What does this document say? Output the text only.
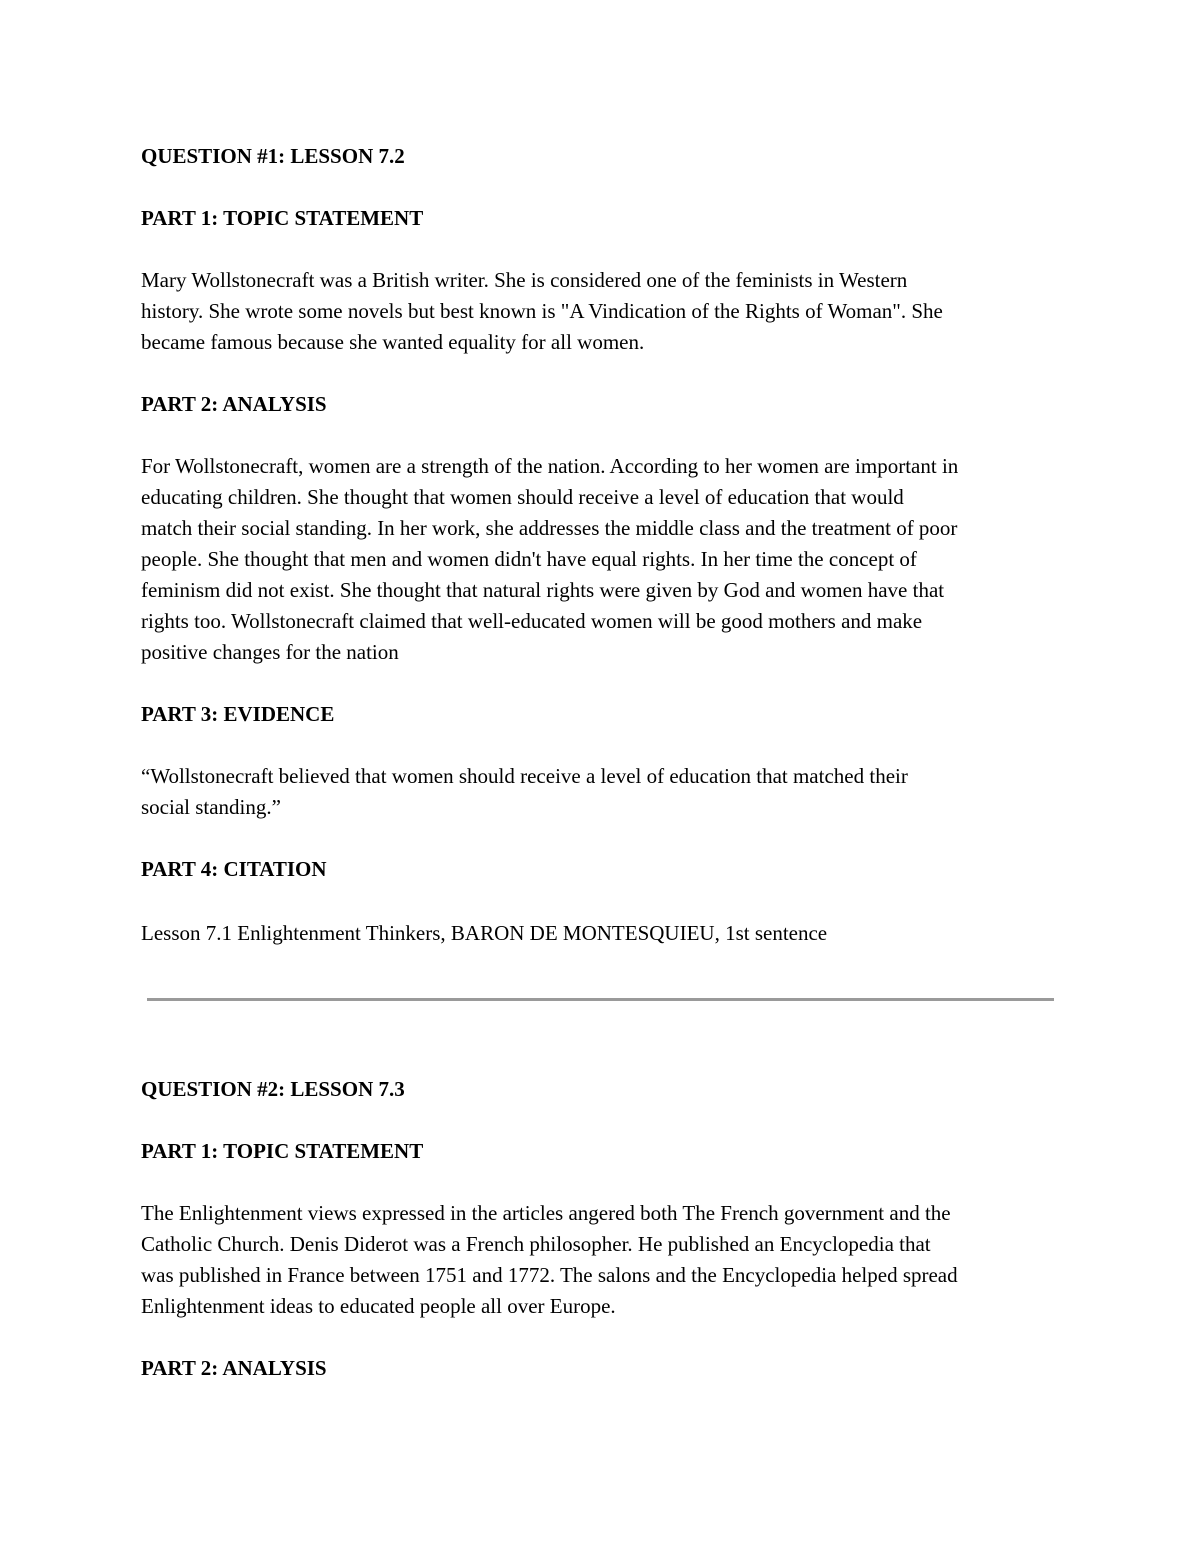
QUESTION #1: LESSON 7.2

PART 1: TOPIC STATEMENT

Mary Wollstonecraft was a British writer. She is considered one of the feminists in Western

history. She wrote some novels but best known is "A Vindication of the Rights of Woman". She

became famous because she wanted equality for all women.

PART 2: ANALYSIS

For Wollstonecraft, women are a strength of the nation. According to her women are important in

educating children. She thought that women should receive a level of education that would

match their social standing. In her work, she addresses the middle class and the treatment of poor

people. She thought that men and women didn't have equal rights. In her time the concept of

feminism did not exist. She thought that natural rights were given by God and women have that

rights too. Wollstonecraft claimed that well-educated women will be good mothers and make

positive changes for the nation

PART 3: EVIDENCE

“Wollstonecraft believed that women should receive a level of education that matched their

social standing.”

PART 4: CITATION

Lesson 7.1 Enlightenment Thinkers, BARON DE MONTESQUIEU, 1st sentence

QUESTION #2: LESSON 7.3

PART 1: TOPIC STATEMENT

The Enlightenment views expressed in the articles angered both The French government and the

Catholic Church. Denis Diderot was a French philosopher. He published an Encyclopedia that

was published in France between 1751 and 1772. The salons and the Encyclopedia helped spread

Enlightenment ideas to educated people all over Europe.

PART 2: ANALYSIS
